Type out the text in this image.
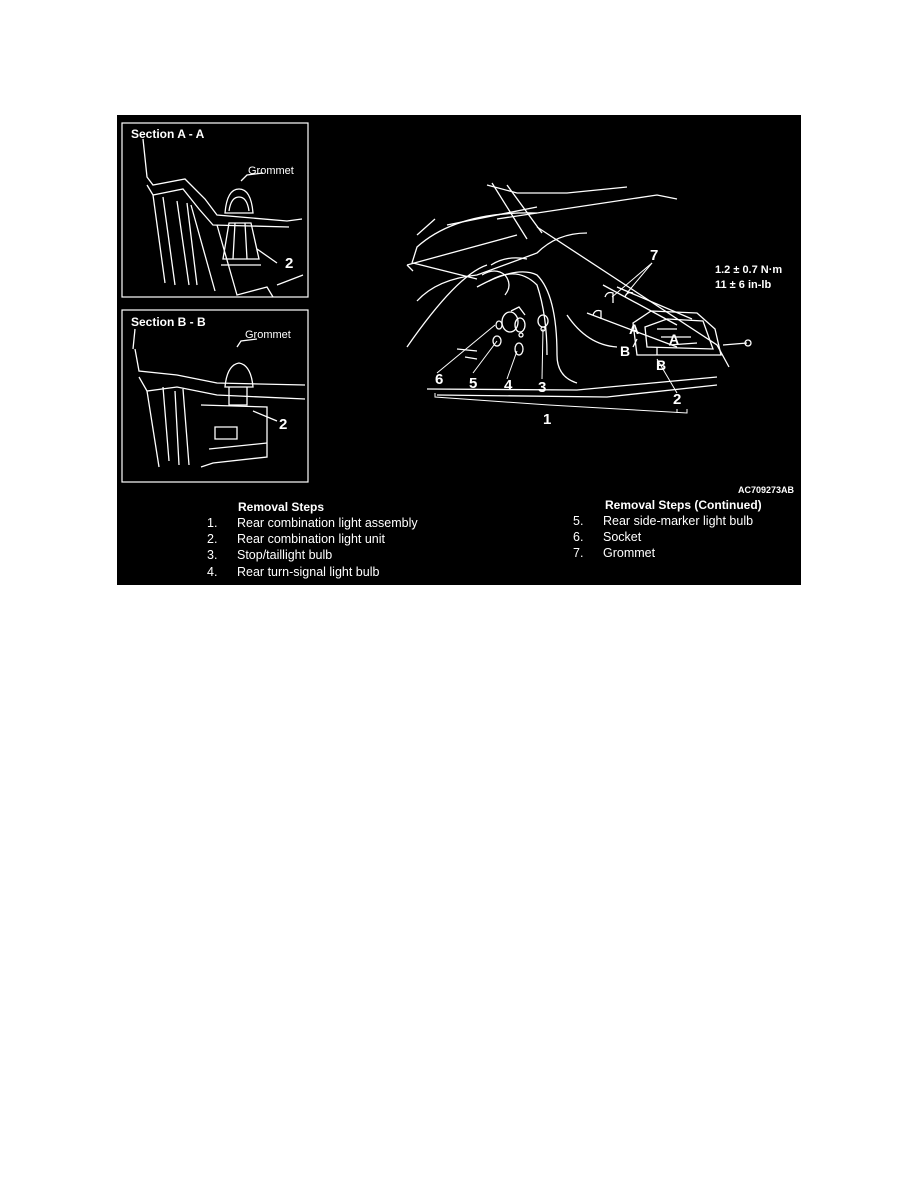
Section A - A
Grommet
2
Section B - B
Grommet
2
6 5 4 3
1
2
7
A
A
B
B
1.2 ± 0.7 N·m
11 ± 6 in-lb
AC709273AB
Removal Steps
1. Rear combination light assembly
2. Rear combination light unit
3. Stop/taillight bulb
4. Rear turn-signal light bulb
Removal Steps (Continued)
5. Rear side-marker light bulb
6. Socket
7. Grommet
